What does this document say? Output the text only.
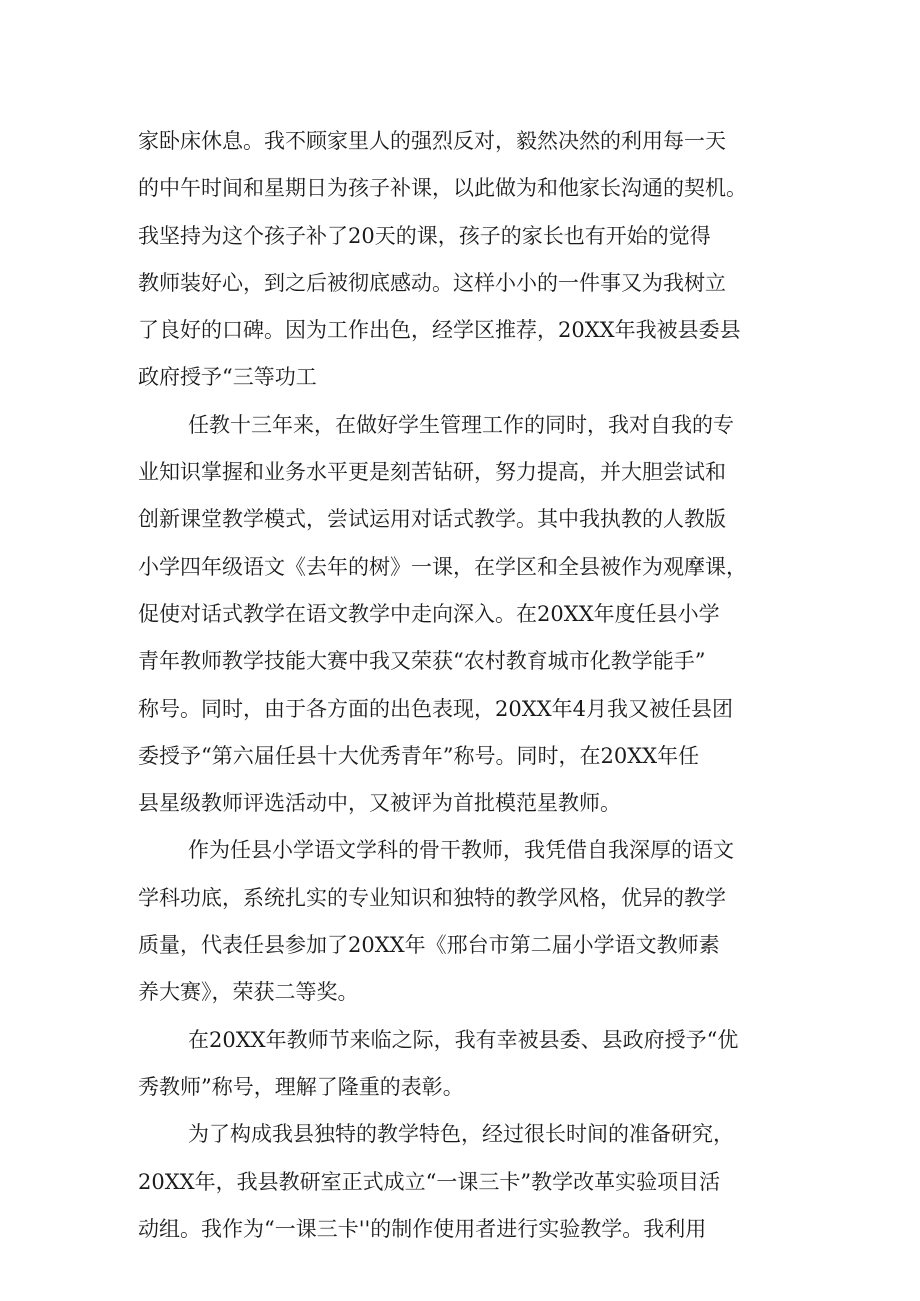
家卧床休息。我不顾家里人的强烈反对，毅然决然的利用每一天
的中午时间和星期日为孩子补课，以此做为和他家长沟通的契机。
我坚持为这个孩子补了20天的课，孩子的家长也有开始的觉得
教师装好心，到之后被彻底感动。这样小小的一件事又为我树立
了良好的口碑。因为工作出色，经学区推荐，20XX年我被县委县
政府授予“三等功工
任教十三年来，在做好学生管理工作的同时，我对自我的专
业知识掌握和业务水平更是刻苦钻研，努力提高，并大胆尝试和
创新课堂教学模式，尝试运用对话式教学。其中我执教的人教版
小学四年级语文《去年的树》一课，在学区和全县被作为观摩课，
促使对话式教学在语文教学中走向深入。在20XX年度任县小学
青年教师教学技能大赛中我又荣获“农村教育城市化教学能手”
称号。同时，由于各方面的出色表现，20XX年4月我又被任县团
委授予“第六届任县十大优秀青年”称号。同时，在20XX年任
县星级教师评选活动中，又被评为首批模范星教师。
作为任县小学语文学科的骨干教师，我凭借自我深厚的语文
学科功底，系统扎实的专业知识和独特的教学风格，优异的教学
质量，代表任县参加了20XX年《邢台市第二届小学语文教师素
养大赛》，荣获二等奖。
在20XX年教师节来临之际，我有幸被县委、县政府授予“优
秀教师”称号，理解了隆重的表彰。
为了构成我县独特的教学特色，经过很长时间的准备研究，
20XX年，我县教研室正式成立“一课三卡”教学改革实验项目活
动组。我作为“一课三卡''的制作使用者进行实验教学。我利用
